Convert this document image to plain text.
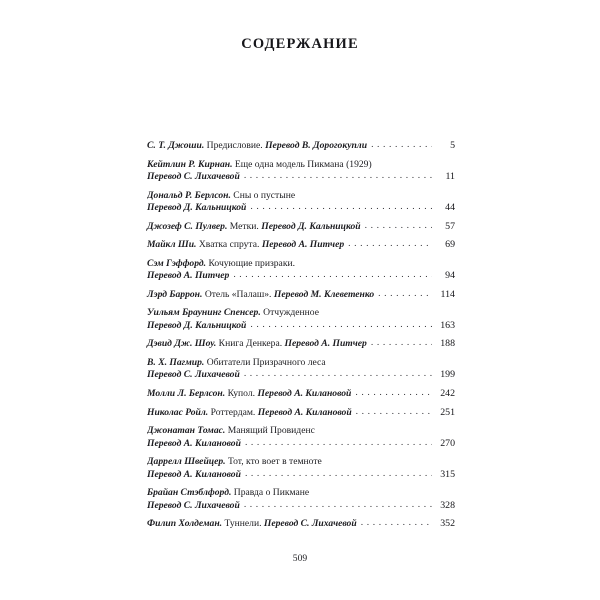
СОДЕРЖАНИЕ
С. Т. Джоши. Предисловие. Перевод В. Дорогокупли . . .	5
Кейтлин Р. Кирнан. Еще одна модель Пикмана (1929)
Перевод С. Лихачевой . . .	11
Дональд Р. Берлсон. Сны о пустыне
Перевод Д. Кальницкой . . .	44
Джозеф С. Пулвер. Метки. Перевод Д. Кальницкой . . .	57
Майкл Ши. Хватка спрута. Перевод А. Питчер . . .	69
Сэм Гэффорд. Кочующие призраки.
Перевод А. Питчер . . .	94
Лэрд Баррон. Отель «Палаш». Перевод М. Клеветенко . . .	114
Уильям Браунинг Спенсер. Отчужденное
Перевод Д. Кальницкой . . .	163
Дэвид Дж. Шоу. Книга Денкера. Перевод А. Питчер . . .	188
В. Х. Пагмир. Обитатели Призрачного леса
Перевод С. Лихачевой . . .	199
Молли Л. Берлсон. Купол. Перевод А. Килановой . . .	242
Николас Ройл. Роттердам. Перевод А. Килановой . . .	251
Джонатан Томас. Манящий Провиденс
Перевод А. Килановой . . .	270
Даррелл Швейцер. Тот, кто воет в темноте
Перевод А. Килановой . . .	315
Брайан Стэблфорд. Правда о Пикмане
Перевод С. Лихачевой . . .	328
Филип Холдеман. Туннели. Перевод С. Лихачевой . . .	352
509
